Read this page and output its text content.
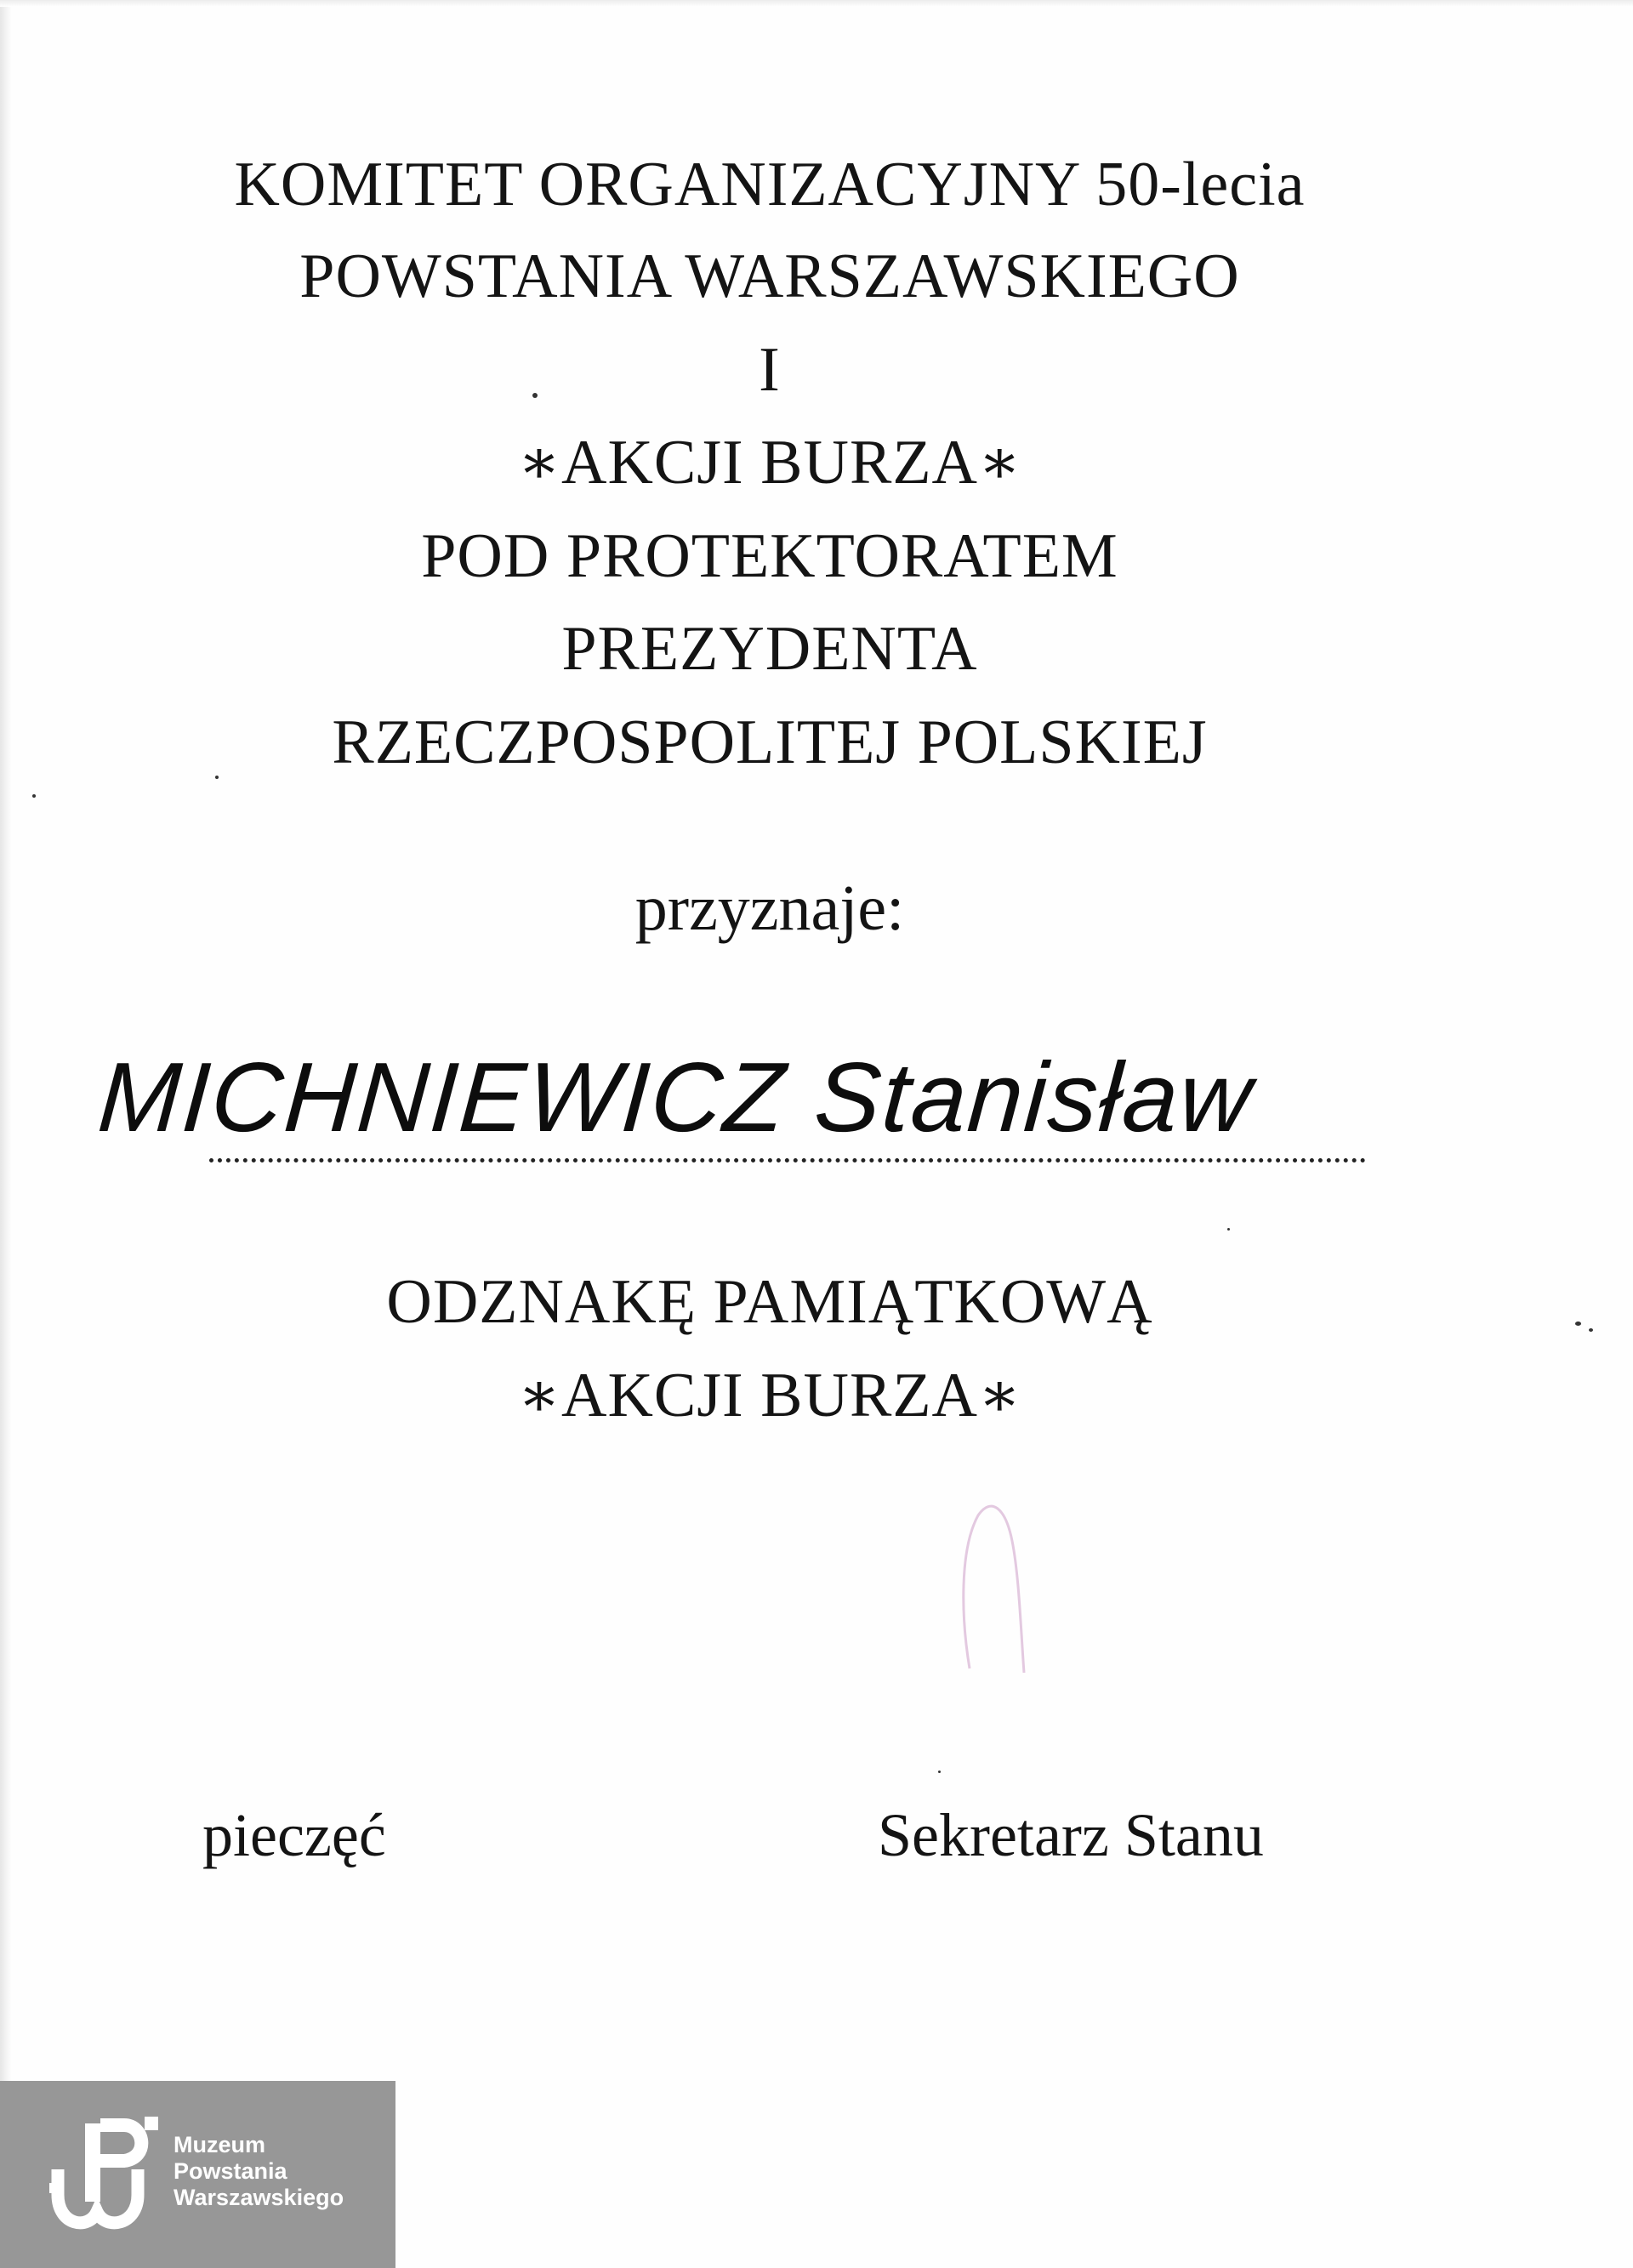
KOMITET ORGANIZACYJNY 50-lecia
POWSTANIA WARSZAWSKIEGO
I
∗AKCJI BURZA∗
POD PROTEKTORATEM
PREZYDENTA
RZECZPOSPOLITEJ POLSKIEJ
przyznaje:
MICHNIEWICZ Stanisław
ODZNAKĘ PAMIĄTKOWĄ
∗AKCJI BURZA∗
pieczęć	Sekretarz Stanu
Muzeum
Powstania
Warszawskiego
